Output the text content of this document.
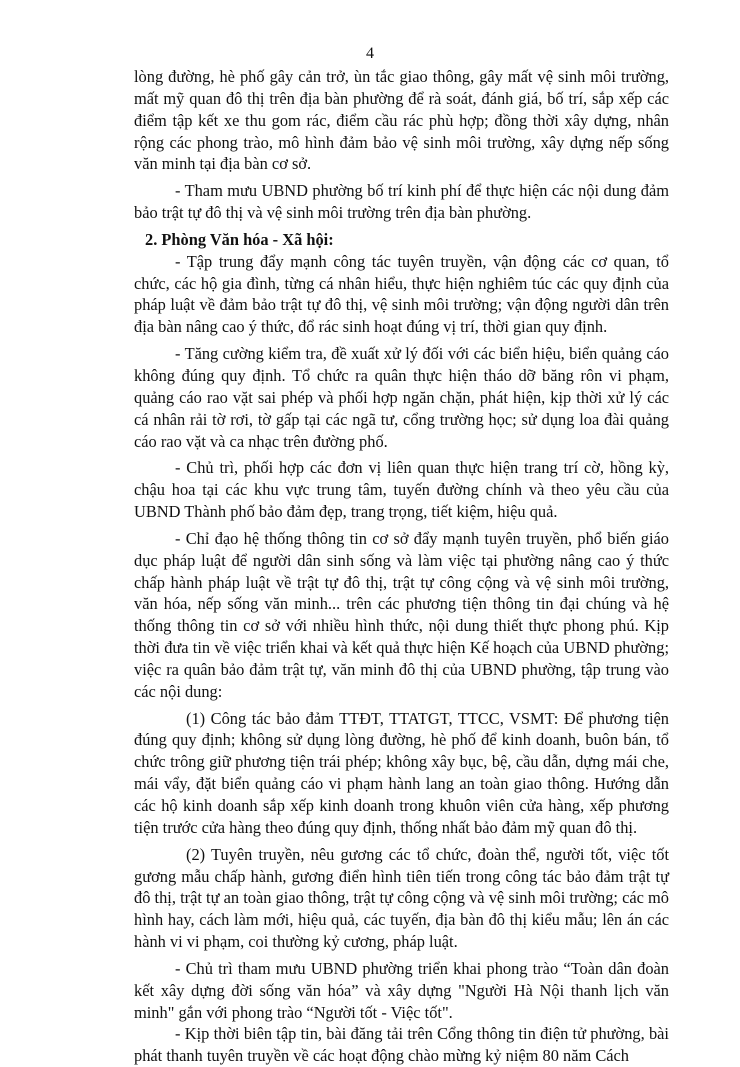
4

lòng đường, hè phố gây cản trở, ùn tắc giao thông, gây mất vệ sinh môi trường, mất mỹ quan đô thị trên địa bàn phường để rà soát, đánh giá, bố trí, sắp xếp các điểm tập kết xe thu gom rác, điểm cầu rác phù hợp; đồng thời xây dựng, nhân rộng các phong trào, mô hình đảm bảo vệ sinh môi trường, xây dựng nếp sống văn minh tại địa bàn cơ sở.

- Tham mưu UBND phường bố trí kinh phí để thực hiện các nội dung đảm bảo trật tự đô thị và vệ sinh môi trường trên địa bàn phường.

2. Phòng Văn hóa - Xã hội:

- Tập trung đẩy mạnh công tác tuyên truyền, vận động các cơ quan, tổ chức, các hộ gia đình, từng cá nhân hiểu, thực hiện nghiêm túc các quy định của pháp luật về đảm bảo trật tự đô thị, vệ sinh môi trường; vận động người dân trên địa bàn nâng cao ý thức, đổ rác sinh hoạt đúng vị trí, thời gian quy định.

- Tăng cường kiểm tra, đề xuất xử lý đối với các biển hiệu, biển quảng cáo không đúng quy định. Tổ chức ra quân thực hiện tháo dỡ băng rôn vi phạm, quảng cáo rao vặt sai phép và phối hợp ngăn chặn, phát hiện, kịp thời xử lý các cá nhân rải tờ rơi, tờ gấp tại các ngã tư, cổng trường học; sử dụng loa đài quảng cáo rao vặt và ca nhạc trên đường phố.

- Chủ trì, phối hợp các đơn vị liên quan thực hiện trang trí cờ, hồng kỳ, chậu hoa tại các khu vực trung tâm, tuyến đường chính và theo yêu cầu của UBND Thành phố bảo đảm đẹp, trang trọng, tiết kiệm, hiệu quả.

- Chỉ đạo hệ thống thông tin cơ sở đẩy mạnh tuyên truyền, phổ biến giáo dục pháp luật để người dân sinh sống và làm việc tại phường nâng cao ý thức chấp hành pháp luật về trật tự đô thị, trật tự công cộng và vệ sinh môi trường, văn hóa, nếp sống văn minh... trên các phương tiện thông tin đại chúng và hệ thống thông tin cơ sở với nhiều hình thức, nội dung thiết thực phong phú. Kịp thời đưa tin về việc triển khai và kết quả thực hiện Kế hoạch của UBND phường; việc ra quân bảo đảm trật tự, văn minh đô thị của UBND phường, tập trung vào các nội dung:

(1) Công tác bảo đảm TTĐT, TTATGT, TTCC, VSMT: Để phương tiện đúng quy định; không sử dụng lòng đường, hè phố để kinh doanh, buôn bán, tổ chức trông giữ phương tiện trái phép; không xây bục, bệ, cầu dẫn, dựng mái che, mái vẩy, đặt biển quảng cáo vi phạm hành lang an toàn giao thông. Hướng dẫn các hộ kinh doanh sắp xếp kinh doanh trong khuôn viên cửa hàng, xếp phương tiện trước cửa hàng theo đúng quy định, thống nhất bảo đảm mỹ quan đô thị.

(2) Tuyên truyền, nêu gương các tổ chức, đoàn thể, người tốt, việc tốt gương mẫu chấp hành, gương điển hình tiên tiến trong công tác bảo đảm trật tự đô thị, trật tự an toàn giao thông, trật tự công cộng và vệ sinh môi trường; các mô hình hay, cách làm mới, hiệu quả, các tuyến, địa bàn đô thị kiểu mẫu; lên án các hành vi vi phạm, coi thường kỷ cương, pháp luật.

- Chủ trì tham mưu UBND phường triển khai phong trào “Toàn dân đoàn kết xây dựng đời sống văn hóa” và xây dựng "Người Hà Nội thanh lịch văn minh" gắn với phong trào “Người tốt - Việc tốt".

- Kịp thời biên tập tin, bài đăng tải trên Cổng thông tin điện tử phường, bài phát thanh tuyên truyền về các hoạt động chào mừng kỷ niệm 80 năm Cách
